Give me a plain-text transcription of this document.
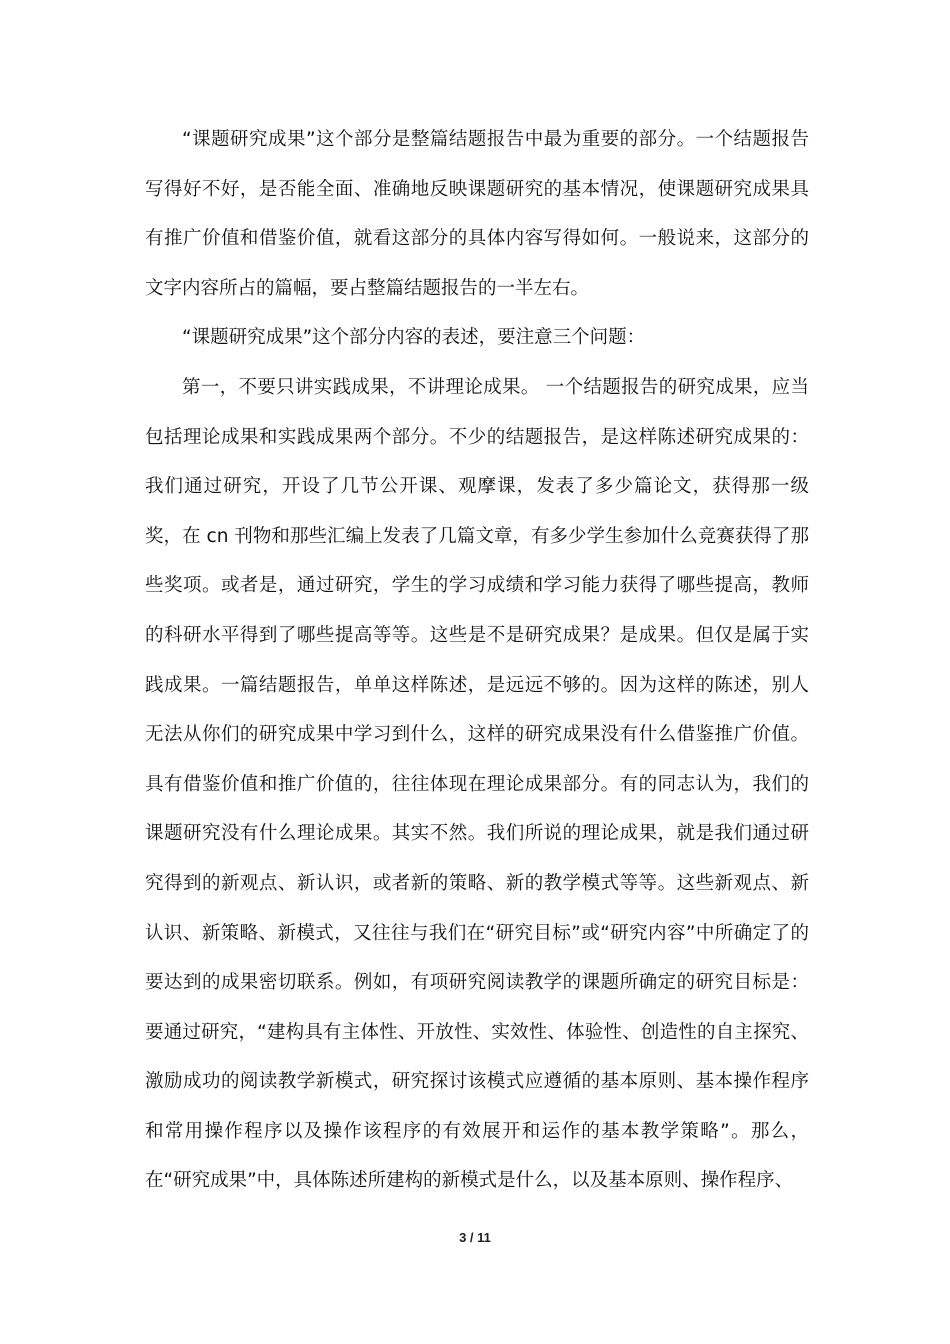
“课题研究成果”这个部分是整篇结题报告中最为重要的部分。一个结题报告写得好不好，是否能全面、准确地反映课题研究的基本情况，使课题研究成果具有推广价值和借鉴价值，就看这部分的具体内容写得如何。一般说来，这部分的文字内容所占的篇幅，要占整篇结题报告的一半左右。

“课题研究成果”这个部分内容的表述，要注意三个问题：

第一，不要只讲实践成果，不讲理论成果。 一个结题报告的研究成果，应当包括理论成果和实践成果两个部分。不少的结题报告，是这样陈述研究成果的：我们通过研究，开设了几节公开课、观摩课，发表了多少篇论文，获得那一级奖，在 cn 刊物和那些汇编上发表了几篇文章，有多少学生参加什么竞赛获得了那些奖项。或者是，通过研究，学生的学习成绩和学习能力获得了哪些提高，教师的科研水平得到了哪些提高等等。这些是不是研究成果？是成果。但仅是属于实践成果。一篇结题报告，单单这样陈述，是远远不够的。因为这样的陈述，别人无法从你们的研究成果中学习到什么，这样的研究成果没有什么借鉴推广价值。具有借鉴价值和推广价值的，往往体现在理论成果部分。有的同志认为，我们的课题研究没有什么理论成果。其实不然。我们所说的理论成果，就是我们通过研究得到的新观点、新认识，或者新的策略、新的教学模式等等。这些新观点、新认识、新策略、新模式，又往往与我们在“研究目标”或“研究内容”中所确定了的要达到的成果密切联系。例如，有项研究阅读教学的课题所确定的研究目标是：要通过研究，“建构具有主体性、开放性、实效性、体验性、创造性的自主探究、激励成功的阅读教学新模式，研究探讨该模式应遵循的基本原则、基本操作程序和常用操作程序以及操作该程序的有效展开和运作的基本教学策略”。那么，在“研究成果”中，具体陈述所建构的新模式是什么，以及基本原则、操作程序、

3 / 11
